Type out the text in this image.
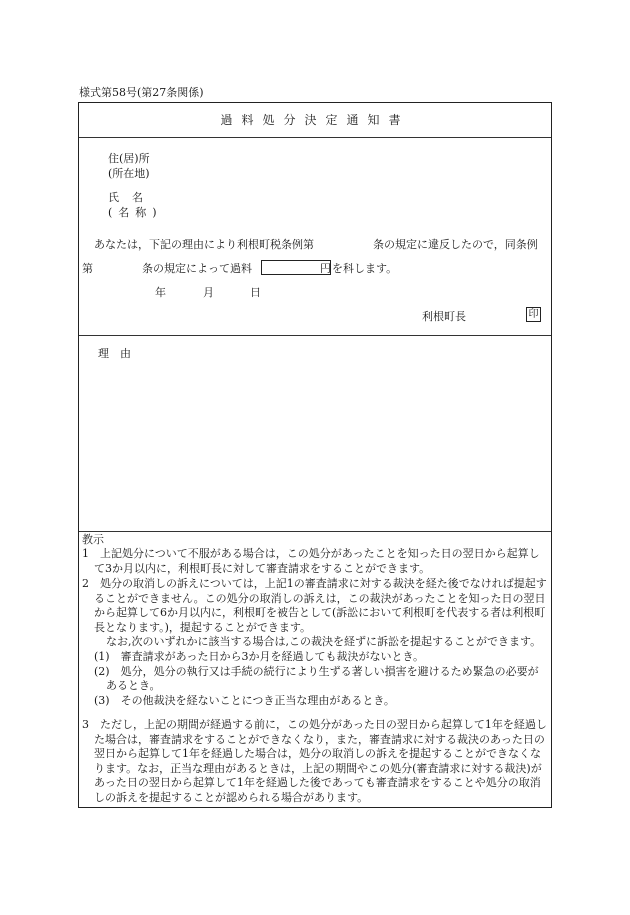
様式第58号(第27条関係)
過料処分決定通知書
住(居)所
(所在地)
氏名
(名称)
あなたは，下記の理由により利根町税条例第	条の規定に違反したので，同条例
第	条の規定によって過料	円 を科します。
年	月	日
利根町長	印
理由
教示
1　上記処分について不服がある場合は，この処分があったことを知った日の翌日から起算して3か月以内に，利根町長に対して審査請求をすることができます。
2　処分の取消しの訴えについては，上記1の審査請求に対する裁決を経た後でなければ提起することができません。この処分の取消しの訴えは，この裁決があったことを知った日の翌日から起算して6か月以内に，利根町を被告として(訴訟において利根町を代表する者は利根町長となります。)，提起することができます。
なお,次のいずれかに該当する場合は,この裁決を経ずに訴訟を提起することができます。
(1)　審査請求があった日から3か月を経過しても裁決がないとき。
(2)　処分，処分の執行又は手続の続行により生ずる著しい損害を避けるため緊急の必要があるとき。
(3)　その他裁決を経ないことにつき正当な理由があるとき。
3　ただし，上記の期間が経過する前に，この処分があった日の翌日から起算して1年を経過した場合は，審査請求をすることができなくなり，また，審査請求に対する裁決のあった日の翌日から起算して1年を経過した場合は，処分の取消しの訴えを提起することができなくなります。なお，正当な理由があるときは，上記の期間やこの処分(審査請求に対する裁決)があった日の翌日から起算して1年を経過した後であっても審査請求をすることや処分の取消しの訴えを提起することが認められる場合があります。
